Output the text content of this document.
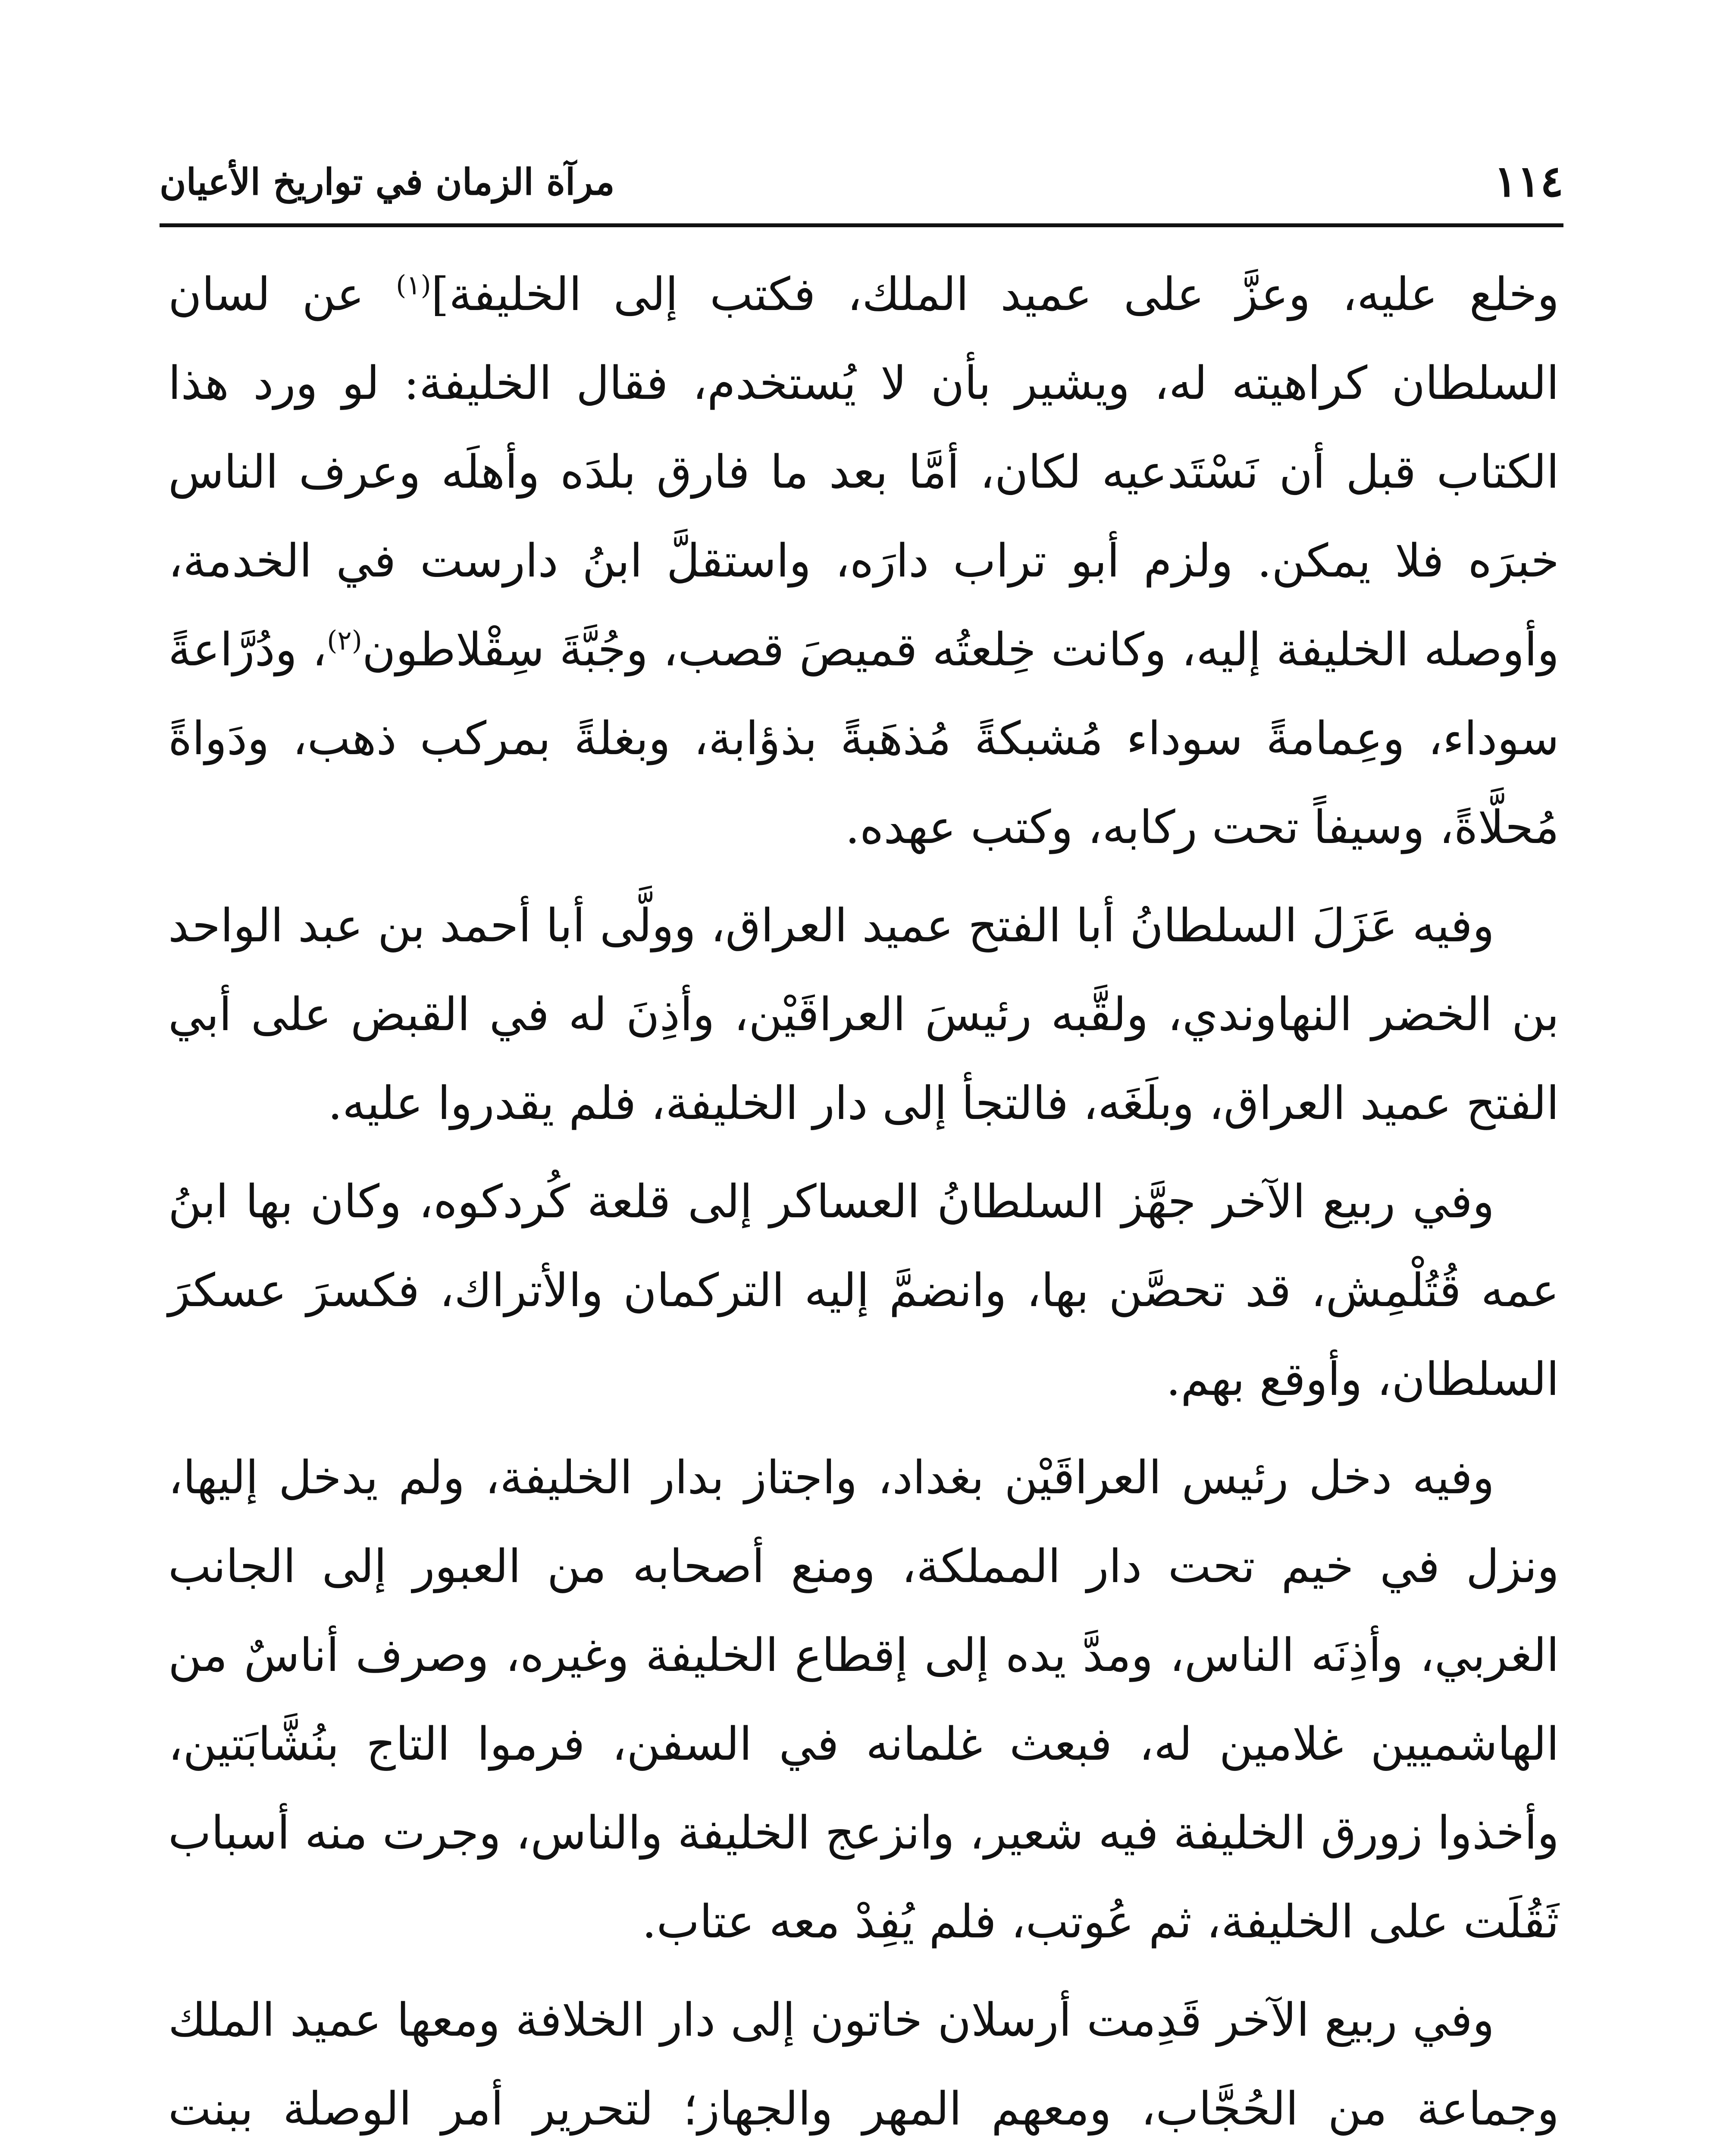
١١٤
مرآة الزمان في تواريخ الأعيان

وخلع عليه، وعزَّ على عميد الملك، فكتب إلى الخليفة]$^{(١)}$ عن لسان السلطان كراهيته له، ويشير بأن لا يُستخدم، فقال الخليفة: لو ورد هذا الكتاب قبل أن نَسْتَدعيه لكان، أمَّا بعد ما فارق بلدَه وأهلَه وعرف الناس خبرَه فلا يمكن. ولزم أبو تراب دارَه، واستقلَّ ابنُ دارست في الخدمة، وأوصله الخليفة إليه، وكانت خِلعتُه قميصَ قصب، وجُبَّةَ سِقْلاطون$^{(٢)}$، ودُرَّاعةً سوداء، وعِمامةً سوداء مُشبكةً مُذهَبةً بذؤابة، وبغلةً بمركب ذهب، ودَواةً مُحلَّاةً، وسيفاً تحت ركابه، وكتب عهده.

وفيه عَزَلَ السلطانُ أبا الفتح عميد العراق، وولَّى أبا أحمد بن عبد الواحد بن الخضر النهاوندي، ولقَّبه رئيسَ العراقَيْن، وأذِنَ له في القبض على أبي الفتح عميد العراق، وبلَغَه، فالتجأ إلى دار الخليفة، فلم يقدروا عليه.

وفي ربيع الآخر جهَّز السلطانُ العساكر إلى قلعة كُردكوه، وكان بها ابنُ عمه قُتُلْمِش، قد تحصَّن بها، وانضمَّ إليه التركمان والأتراك، فكسرَ عسكرَ السلطان، وأوقع بهم.

وفيه دخل رئيس العراقَيْن بغداد، واجتاز بدار الخليفة، ولم يدخل إليها، ونزل في خيم تحت دار المملكة، ومنع أصحابه من العبور إلى الجانب الغربي، وأذِنَه الناس، ومدَّ يده إلى إقطاع الخليفة وغيره، وصرف أناسٌ من الهاشميين غلامين له، فبعث غلمانه في السفن، فرموا التاج بنُشَّابَتين، وأخذوا زورق الخليفة فيه شعير، وانزعج الخليفة والناس، وجرت منه أسباب ثَقُلَت على الخليفة، ثم عُوتب، فلم يُفِدْ معه عتاب.

وفي ربيع الآخر قَدِمت أرسلان خاتون إلى دار الخلافة ومعها عميد الملك وجماعة من الحُجَّاب، ومعهم المهر والجهاز؛ لتحرير أمر الوصلة ببنت
